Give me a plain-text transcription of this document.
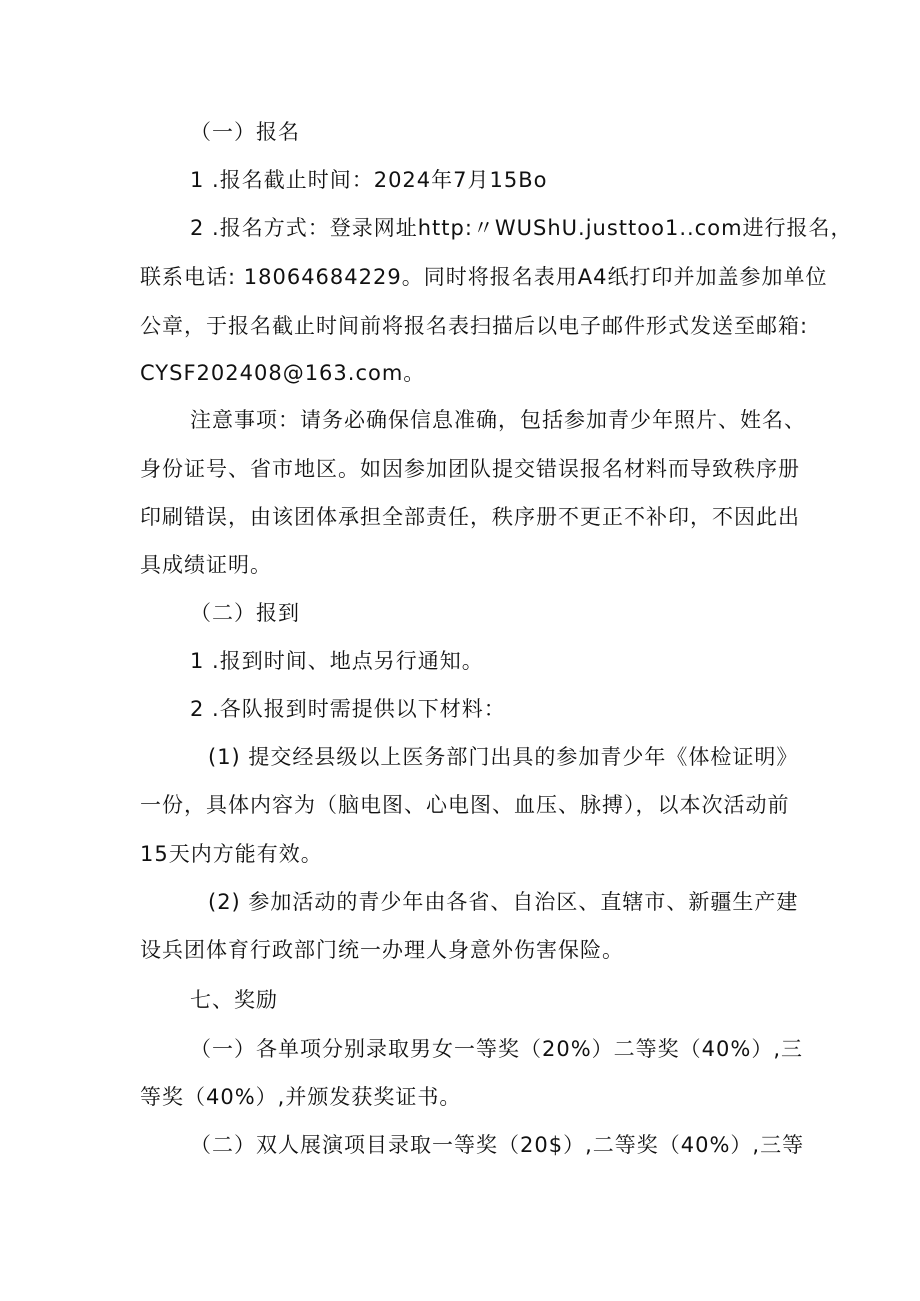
（一）报名
1 .报名截止时间：2024年7月15Bo
2 .报名方式：登录网址http:〃WUShU.justtoo1..com进行报名，
联系电话: 18064684229。同时将报名表用A4纸打印并加盖参加单位
公章，于报名截止时间前将报名表扫描后以电子邮件形式发送至邮箱:
CYSF202408@163.com。
注意事项：请务必确保信息准确，包括参加青少年照片、姓名、
身份证号、省市地区。如因参加团队提交错误报名材料而导致秩序册
印刷错误，由该团体承担全部责任，秩序册不更正不补印，不因此出
具成绩证明。
（二）报到
1 .报到时间、地点另行通知。
2 .各队报到时需提供以下材料：
(1) 提交经县级以上医务部门出具的参加青少年《体检证明》
一份，具体内容为（脑电图、心电图、血压、脉搏），以本次活动前
15天内方能有效。
(2) 参加活动的青少年由各省、自治区、直辖市、新疆生产建
设兵团体育行政部门统一办理人身意外伤害保险。
七、奖励
（一）各单项分别录取男女一等奖（20%）二等奖（40%）,三
等奖（40%）,并颁发获奖证书。
（二）双人展演项目录取一等奖（20$）,二等奖（40%）,三等
